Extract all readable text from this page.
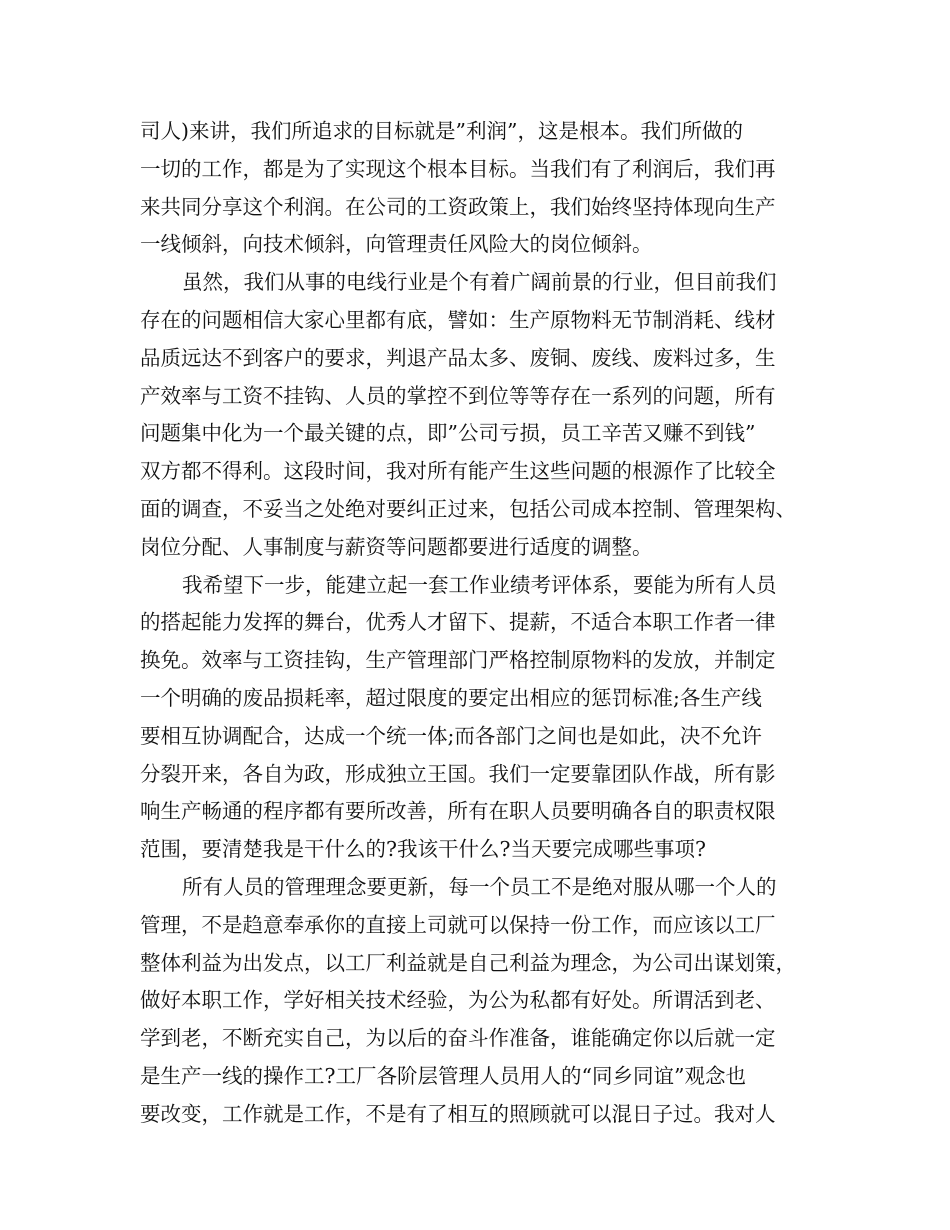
司人)来讲，我们所追求的目标就是”利润”，这是根本。我们所做的
一切的工作，都是为了实现这个根本目标。当我们有了利润后，我们再
来共同分享这个利润。在公司的工资政策上，我们始终坚持体现向生产
一线倾斜，向技术倾斜，向管理责任风险大的岗位倾斜。
虽然，我们从事的电线行业是个有着广阔前景的行业，但目前我们
存在的问题相信大家心里都有底，譬如：生产原物料无节制消耗、线材
品质远达不到客户的要求，判退产品太多、废铜、废线、废料过多，生
产效率与工资不挂钩、人员的掌控不到位等等存在一系列的问题，所有
问题集中化为一个最关键的点，即”公司亏损，员工辛苦又赚不到钱”
双方都不得利。这段时间，我对所有能产生这些问题的根源作了比较全
面的调查，不妥当之处绝对要纠正过来，包括公司成本控制、管理架构、
岗位分配、人事制度与薪资等问题都要进行适度的调整。
我希望下一步，能建立起一套工作业绩考评体系，要能为所有人员
的搭起能力发挥的舞台，优秀人才留下、提薪，不适合本职工作者一律
换免。效率与工资挂钩，生产管理部门严格控制原物料的发放，并制定
一个明确的废品损耗率，超过限度的要定出相应的惩罚标准;各生产线
要相互协调配合，达成一个统一体;而各部门之间也是如此，决不允许
分裂开来，各自为政，形成独立王国。我们一定要靠团队作战，所有影
响生产畅通的程序都有要所改善，所有在职人员要明确各自的职责权限
范围，要清楚我是干什么的?我该干什么?当天要完成哪些事项?
所有人员的管理理念要更新，每一个员工不是绝对服从哪一个人的
管理，不是趋意奉承你的直接上司就可以保持一份工作，而应该以工厂
整体利益为出发点，以工厂利益就是自己利益为理念，为公司出谋划策，
做好本职工作，学好相关技术经验，为公为私都有好处。所谓活到老、
学到老，不断充实自己，为以后的奋斗作准备，谁能确定你以后就一定
是生产一线的操作工?工厂各阶层管理人员用人的“同乡同谊”观念也
要改变，工作就是工作，不是有了相互的照顾就可以混日子过。我对人
